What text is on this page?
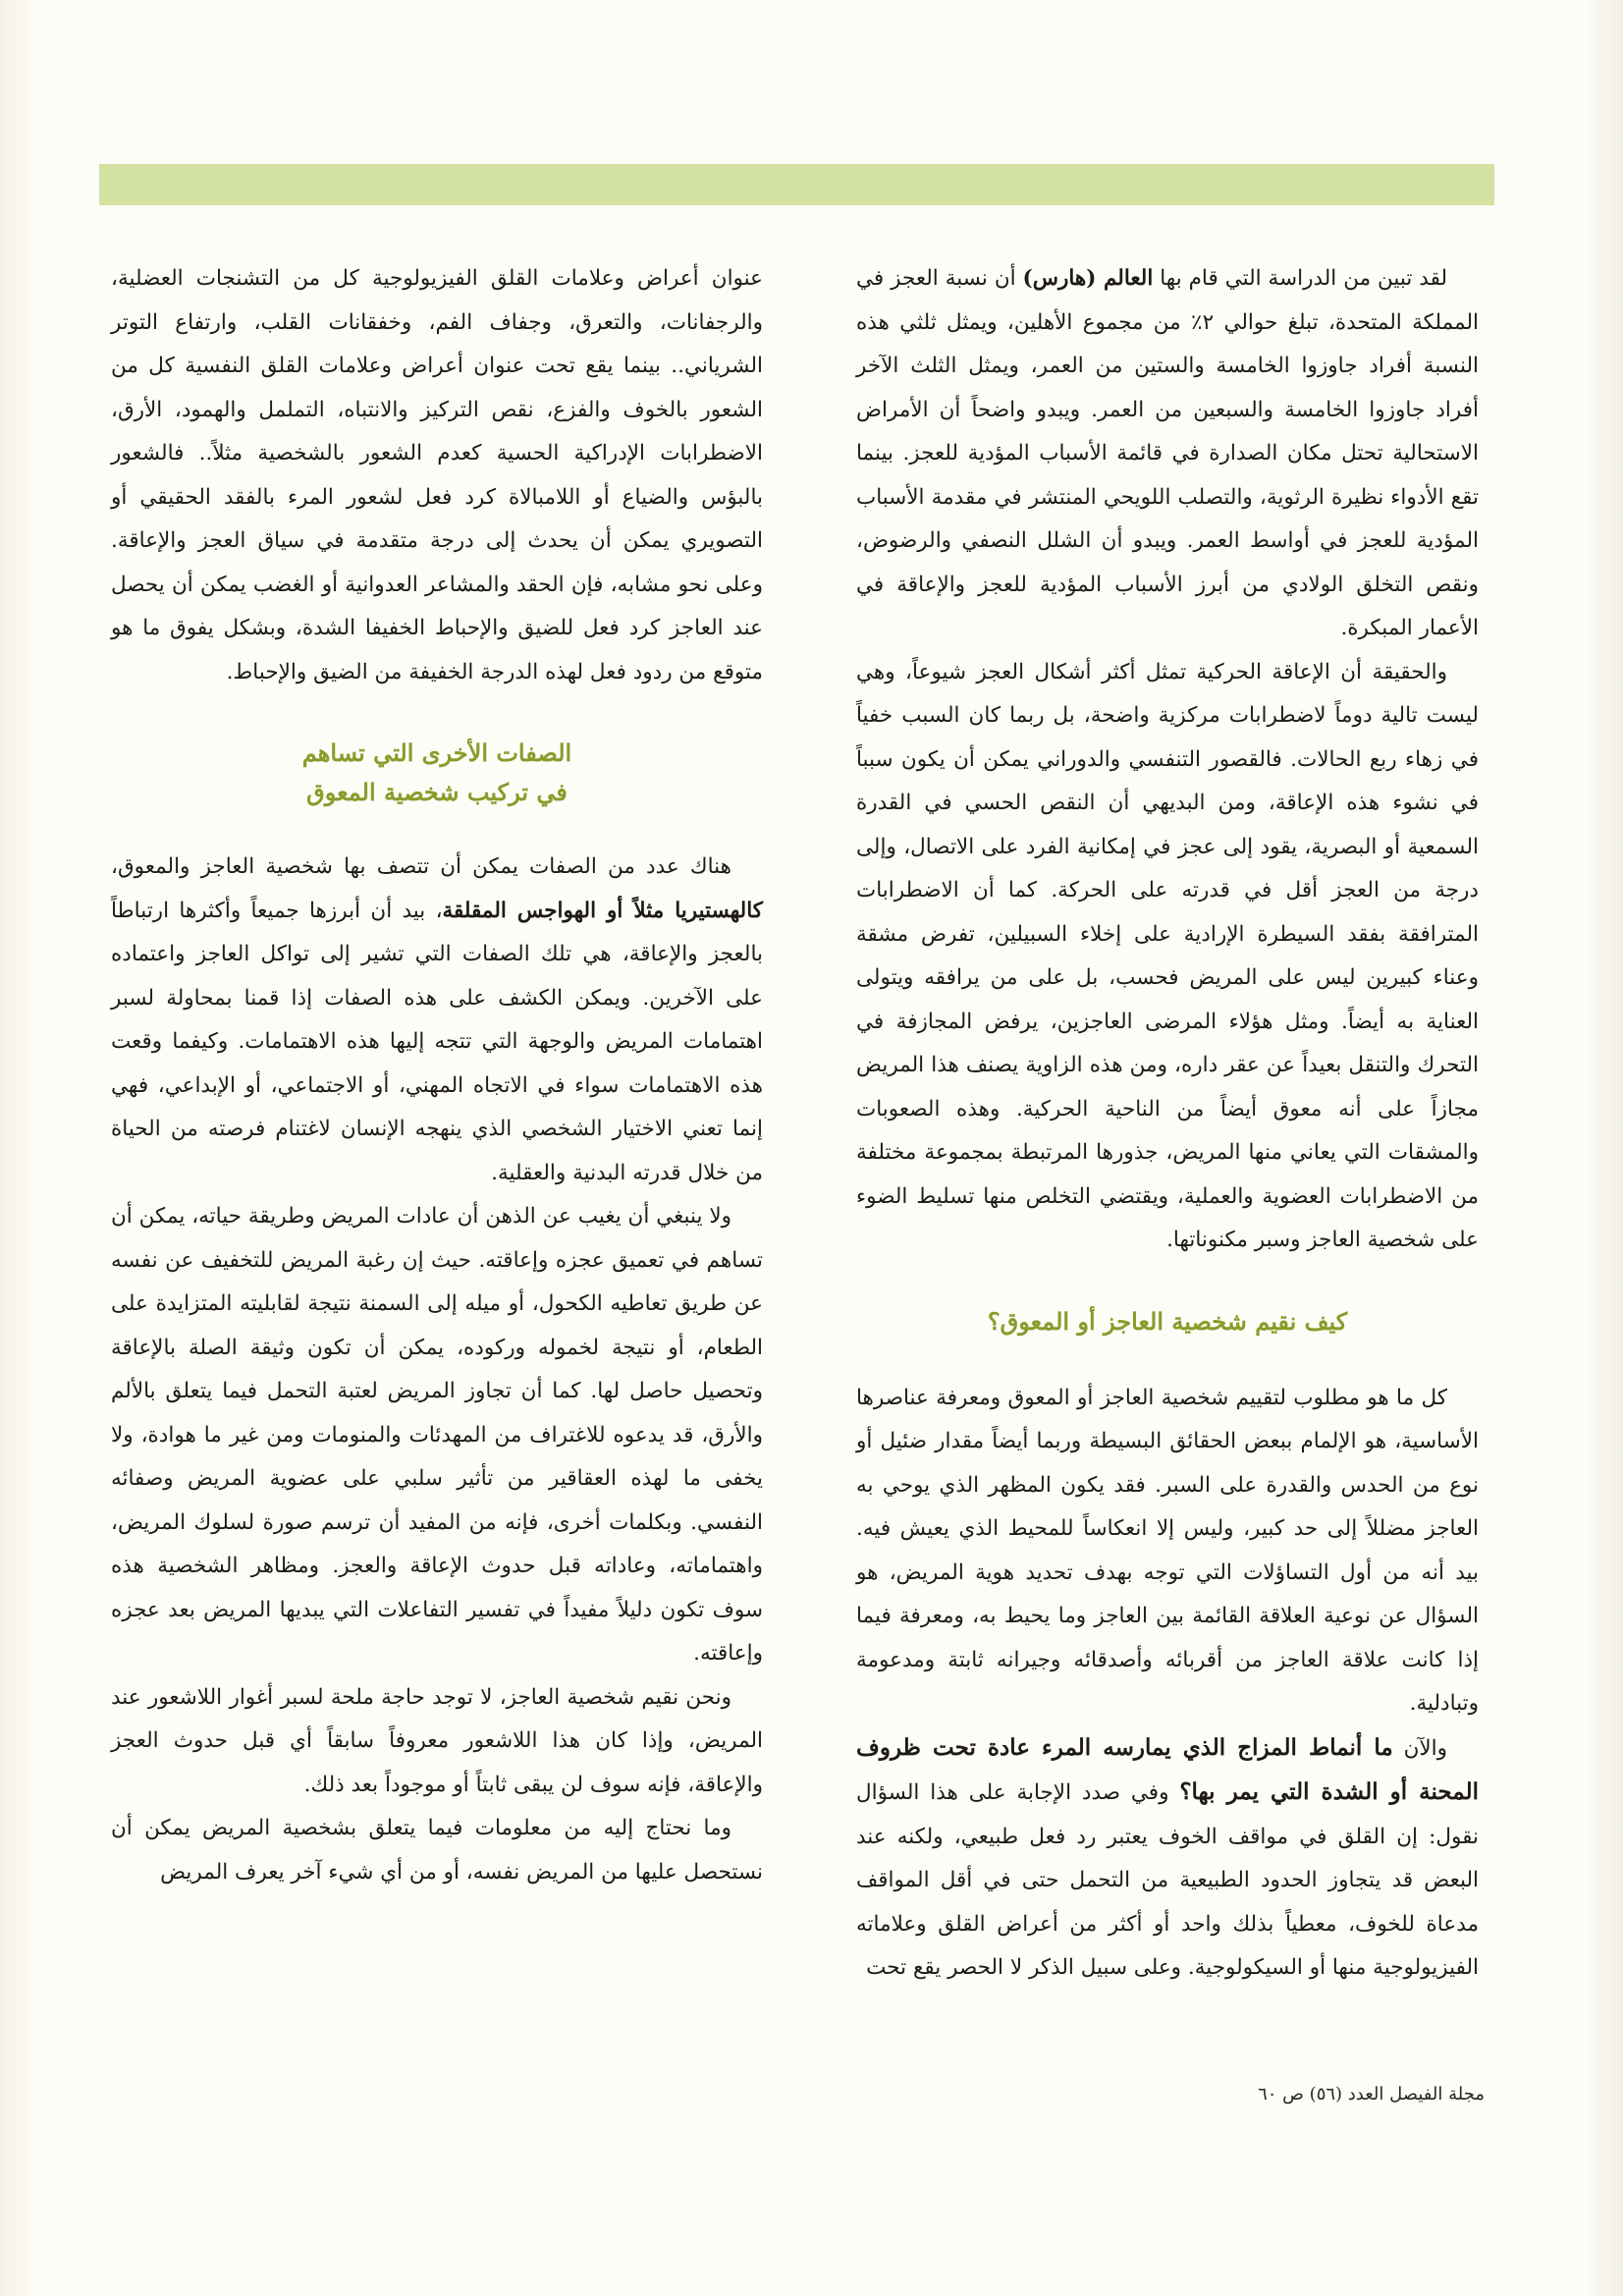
لقد تبين من الدراسة التي قام بها العالم (هارس) أن نسبة العجز في المملكة المتحدة، تبلغ حوالي ٢٪ من مجموع الأهلين، ويمثل ثلثي هذه النسبة أفراد جاوزوا الخامسة والستين من العمر، ويمثل الثلث الآخر أفراد جاوزوا الخامسة والسبعين من العمر. ويبدو واضحاً أن الأمراض الاستحالية تحتل مكان الصدارة في قائمة الأسباب المؤدية للعجز. بينما تقع الأدواء نظيرة الرثوية، والتصلب اللويحي المنتشر في مقدمة الأسباب المؤدية للعجز في أواسط العمر. ويبدو أن الشلل النصفي والرضوض، ونقص التخلق الولادي من أبرز الأسباب المؤدية للعجز والإعاقة في الأعمار المبكرة.

والحقيقة أن الإعاقة الحركية تمثل أكثر أشكال العجز شيوعاً، وهي ليست تالية دوماً لاضطرابات مركزية واضحة، بل ربما كان السبب خفياً في زهاء ربع الحالات. فالقصور التنفسي والدوراني يمكن أن يكون سبباً في نشوء هذه الإعاقة، ومن البديهي أن النقص الحسي في القدرة السمعية أو البصرية، يقود إلى عجز في إمكانية الفرد على الاتصال، وإلى درجة من العجز أقل في قدرته على الحركة. كما أن الاضطرابات المترافقة بفقد السيطرة الإرادية على إخلاء السبيلين، تفرض مشقة وعناء كبيرين ليس على المريض فحسب، بل على من يرافقه ويتولى العناية به أيضاً. ومثل هؤلاء المرضى العاجزين، يرفض المجازفة في التحرك والتنقل بعيداً عن عقر داره، ومن هذه الزاوية يصنف هذا المريض مجازاً على أنه معوق أيضاً من الناحية الحركية. وهذه الصعوبات والمشقات التي يعاني منها المريض، جذورها المرتبطة بمجموعة مختلفة من الاضطرابات العضوية والعملية، ويقتضي التخلص منها تسليط الضوء على شخصية العاجز وسبر مكنوناتها.

كيف نقيم شخصية العاجز أو المعوق؟

كل ما هو مطلوب لتقييم شخصية العاجز أو المعوق ومعرفة عناصرها الأساسية، هو الإلمام ببعض الحقائق البسيطة وربما أيضاً مقدار ضئيل أو نوع من الحدس والقدرة على السبر. فقد يكون المظهر الذي يوحي به العاجز مضللاً إلى حد كبير، وليس إلا انعكاساً للمحيط الذي يعيش فيه. بيد أنه من أول التساؤلات التي توجه بهدف تحديد هوية المريض، هو السؤال عن نوعية العلاقة القائمة بين العاجز وما يحيط به، ومعرفة فيما إذا كانت علاقة العاجز من أقربائه وأصدقائه وجيرانه ثابتة ومدعومة وتبادلية.

والآن ما أنماط المزاج الذي يمارسه المرء عادة تحت ظروف المحنة أو الشدة التي يمر بها؟ وفي صدد الإجابة على هذا السؤال نقول: إن القلق في مواقف الخوف يعتبر رد فعل طبيعي، ولكنه عند البعض قد يتجاوز الحدود الطبيعية من التحمل حتى في أقل المواقف مدعاة للخوف، معطياً بذلك واحد أو أكثر من أعراض القلق وعلاماته الفيزيولوجية منها أو السيكولوجية. وعلى سبيل الذكر لا الحصر يقع تحت

عنوان أعراض وعلامات القلق الفيزيولوجية كل من التشنجات العضلية، والرجفانات، والتعرق، وجفاف الفم، وخفقانات القلب، وارتفاع التوتر الشرياني.. بينما يقع تحت عنوان أعراض وعلامات القلق النفسية كل من الشعور بالخوف والفزع، نقص التركيز والانتباه، التململ والهمود، الأرق، الاضطرابات الإدراكية الحسية كعدم الشعور بالشخصية مثلاً.. فالشعور بالبؤس والضياع أو اللامبالاة كرد فعل لشعور المرء بالفقد الحقيقي أو التصويري يمكن أن يحدث إلى درجة متقدمة في سياق العجز والإعاقة. وعلى نحو مشابه، فإن الحقد والمشاعر العدوانية أو الغضب يمكن أن يحصل عند العاجز كرد فعل للضيق والإحباط الخفيفا الشدة، وبشكل يفوق ما هو متوقع من ردود فعل لهذه الدرجة الخفيفة من الضيق والإحباط.

الصفات الأخرى التي تساهم
في تركيب شخصية المعوق

هناك عدد من الصفات يمكن أن تتصف بها شخصية العاجز والمعوق، كالهستيريا مثلاً أو الهواجس المقلقة، بيد أن أبرزها جميعاً وأكثرها ارتباطاً بالعجز والإعاقة، هي تلك الصفات التي تشير إلى تواكل العاجز واعتماده على الآخرين. ويمكن الكشف على هذه الصفات إذا قمنا بمحاولة لسبر اهتمامات المريض والوجهة التي تتجه إليها هذه الاهتمامات. وكيفما وقعت هذه الاهتمامات سواء في الاتجاه المهني، أو الاجتماعي، أو الإبداعي، فهي إنما تعني الاختيار الشخصي الذي ينهجه الإنسان لاغتنام فرصته من الحياة من خلال قدرته البدنية والعقلية.

ولا ينبغي أن يغيب عن الذهن أن عادات المريض وطريقة حياته، يمكن أن تساهم في تعميق عجزه وإعاقته. حيث إن رغبة المريض للتخفيف عن نفسه عن طريق تعاطيه الكحول، أو ميله إلى السمنة نتيجة لقابليته المتزايدة على الطعام، أو نتيجة لخموله وركوده، يمكن أن تكون وثيقة الصلة بالإعاقة وتحصيل حاصل لها. كما أن تجاوز المريض لعتبة التحمل فيما يتعلق بالألم والأرق، قد يدعوه للاغتراف من المهدئات والمنومات ومن غير ما هوادة، ولا يخفى ما لهذه العقاقير من تأثير سلبي على عضوية المريض وصفائه النفسي. وبكلمات أخرى، فإنه من المفيد أن ترسم صورة لسلوك المريض، واهتماماته، وعاداته قبل حدوث الإعاقة والعجز. ومظاهر الشخصية هذه سوف تكون دليلاً مفيداً في تفسير التفاعلات التي يبديها المريض بعد عجزه وإعاقته.

ونحن نقيم شخصية العاجز، لا توجد حاجة ملحة لسبر أغوار اللاشعور عند المريض، وإذا كان هذا اللاشعور معروفاً سابقاً أي قبل حدوث العجز والإعاقة، فإنه سوف لن يبقى ثابتاً أو موجوداً بعد ذلك.

وما نحتاج إليه من معلومات فيما يتعلق بشخصية المريض يمكن أن نستحصل عليها من المريض نفسه، أو من أي شيء آخر يعرف المريض

مجلة الفيصل العدد (٥٦) ص ٦٠
